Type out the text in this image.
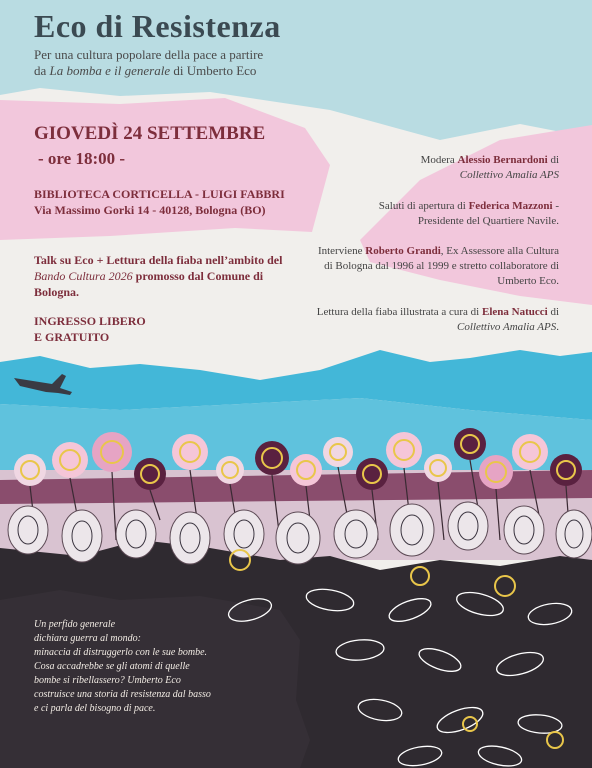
Eco di Resistenza
Per una cultura popolare della pace a partire
da La bomba e il generale di Umberto Eco
GIOVEDÌ 24 SETTEMBRE
- ore 18:00 -
BIBLIOTECA CORTICELLA - LUIGI FABBRI
Via Massimo Gorki 14 - 40128, Bologna (BO)
Talk su Eco + Lettura della fiaba nell’ambito del Bando Cultura 2026 promosso dal Comune di Bologna.
INGRESSO LIBERO
E GRATUITO
Modera Alessio Bernardoni di
Collettivo Amalia APS
Saluti di apertura di Federica Mazzoni -
Presidente del Quartiere Navile.
Interviene Roberto Grandi, Ex Assessore alla Cultura di Bologna dal 1996 al 1999 e stretto collaboratore di Umberto Eco.
Lettura della fiaba illustrata a cura di Elena Natucci di Collettivo Amalia APS.
Un perfido generale
dichiara guerra al mondo:
minaccia di distruggerlo con le sue bombe.
Cosa accadrebbe se gli atomi di quelle
bombe si ribellassero? Umberto Eco
costruisce una storia di resistenza dal basso
e ci parla del bisogno di pace.
